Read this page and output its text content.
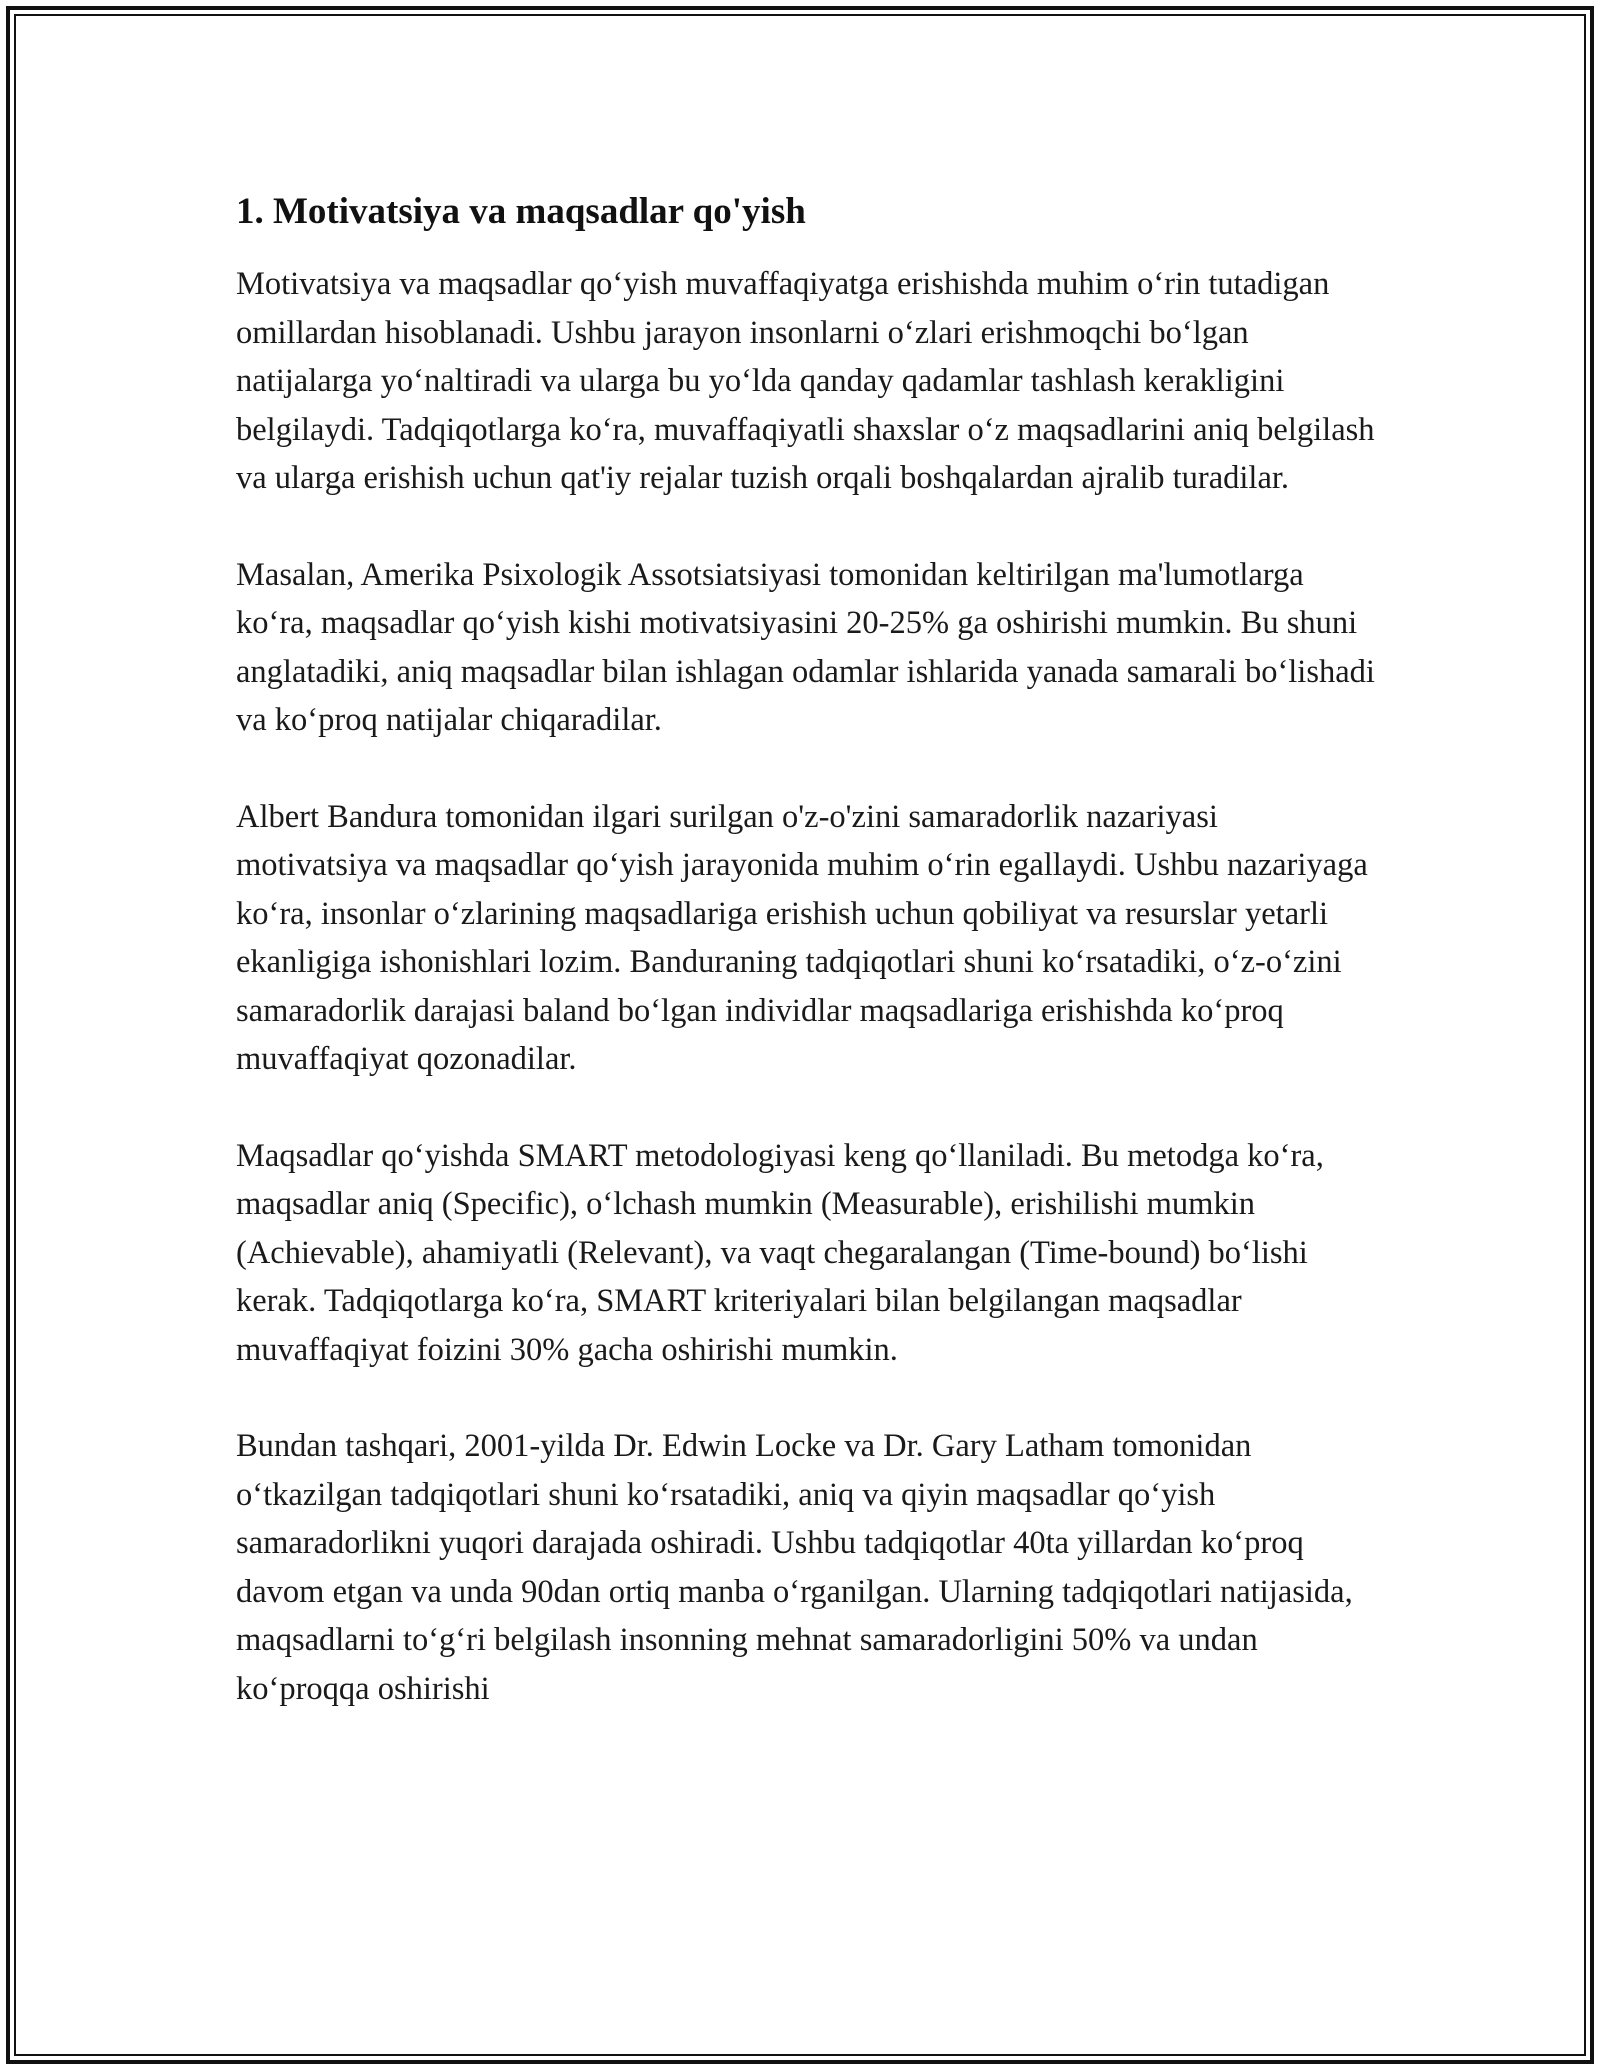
1. Motivatsiya va maqsadlar qo'yish

Motivatsiya va maqsadlar qo‘yish muvaffaqiyatga erishishda muhim o‘rin tutadigan omillardan hisoblanadi. Ushbu jarayon insonlarni o‘zlari erishmoqchi bo‘lgan natijalarga yo‘naltiradi va ularga bu yo‘lda qanday qadamlar tashlash kerakligini belgilaydi. Tadqiqotlarga ko‘ra, muvaffaqiyatli shaxslar o‘z maqsadlarini aniq belgilash va ularga erishish uchun qat'iy rejalar tuzish orqali boshqalardan ajralib turadilar.

Masalan, Amerika Psixologik Assotsiatsiyasi tomonidan keltirilgan ma'lumotlarga ko‘ra, maqsadlar qo‘yish kishi motivatsiyasini 20-25% ga oshirishi mumkin. Bu shuni anglatadiki, aniq maqsadlar bilan ishlagan odamlar ishlarida yanada samarali bo‘lishadi va ko‘proq natijalar chiqaradilar.

Albert Bandura tomonidan ilgari surilgan o'z-o'zini samaradorlik nazariyasi motivatsiya va maqsadlar qo‘yish jarayonida muhim o‘rin egallaydi. Ushbu nazariyaga ko‘ra, insonlar o‘zlarining maqsadlariga erishish uchun qobiliyat va resurslar yetarli ekanligiga ishonishlari lozim. Banduraning tadqiqotlari shuni ko‘rsatadiki, o‘z-o‘zini samaradorlik darajasi baland bo‘lgan individlar maqsadlariga erishishda ko‘proq muvaffaqiyat qozonadilar.

Maqsadlar qo‘yishda SMART metodologiyasi keng qo‘llaniladi. Bu metodga ko‘ra, maqsadlar aniq (Specific), o‘lchash mumkin (Measurable), erishilishi mumkin (Achievable), ahamiyatli (Relevant), va vaqt chegaralangan (Time-bound) bo‘lishi kerak. Tadqiqotlarga ko‘ra, SMART kriteriyalari bilan belgilangan maqsadlar muvaffaqiyat foizini 30% gacha oshirishi mumkin.

Bundan tashqari, 2001-yilda Dr. Edwin Locke va Dr. Gary Latham tomonidan o‘tkazilgan tadqiqotlari shuni ko‘rsatadiki, aniq va qiyin maqsadlar qo‘yish samaradorlikni yuqori darajada oshiradi. Ushbu tadqiqotlar 40ta yillardan ko‘proq davom etgan va unda 90dan ortiq manba o‘rganilgan. Ularning tadqiqotlari natijasida, maqsadlarni to‘g‘ri belgilash insonning mehnat samaradorligini 50% va undan ko‘proqqa oshirishi
